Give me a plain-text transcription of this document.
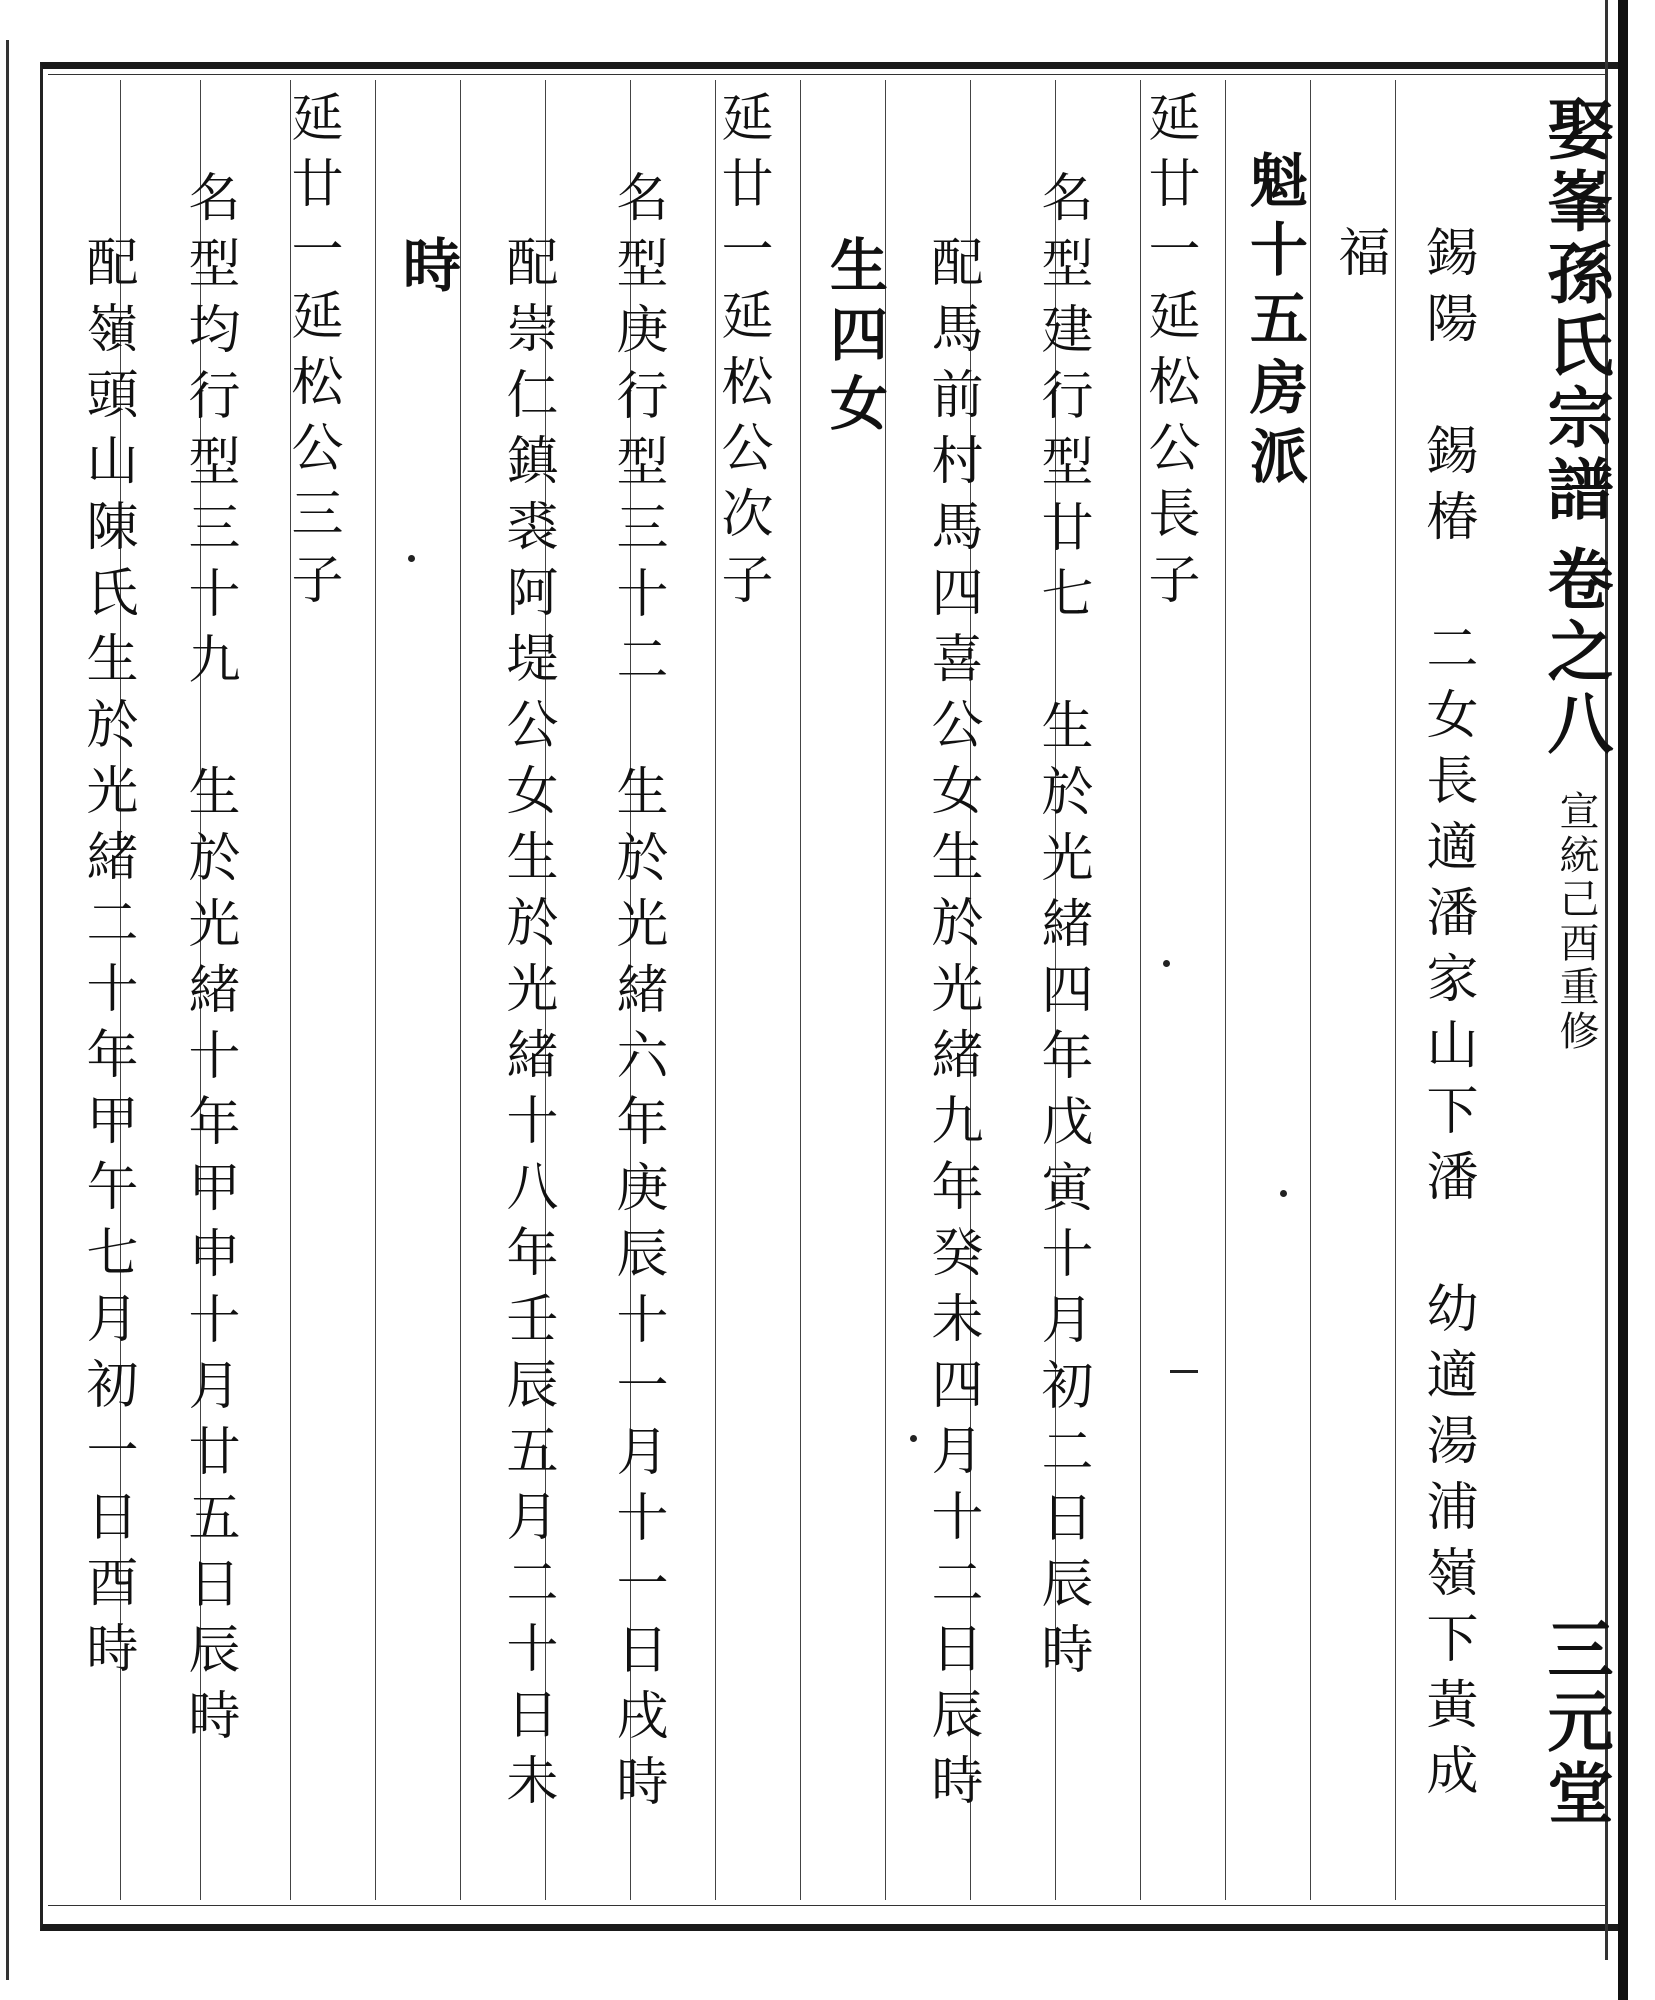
娶峯孫氏宗譜
卷之八
宣統己酉重修
三元堂
錫陽　錫椿　二女長適潘家山下潘　幼適湯浦嶺下黃成
福
魁十五房派
延廿一延松公長子
名型建行型廿七　生於光緒四年戊寅十月初二日辰時
配馬前村馬四喜公女生於光緒九年癸未四月十二日辰時
生四女
延廿一延松公次子
名型庚行型三十二　生於光緒六年庚辰十一月十一日戌時
配崇仁鎮裘阿堤公女生於光緒十八年壬辰五月二十日未
時
延廿一延松公三子
名型均行型三十九　生於光緒十年甲申十月廿五日辰時
配嶺頭山陳氏生於光緒二十年甲午七月初一日酉時
